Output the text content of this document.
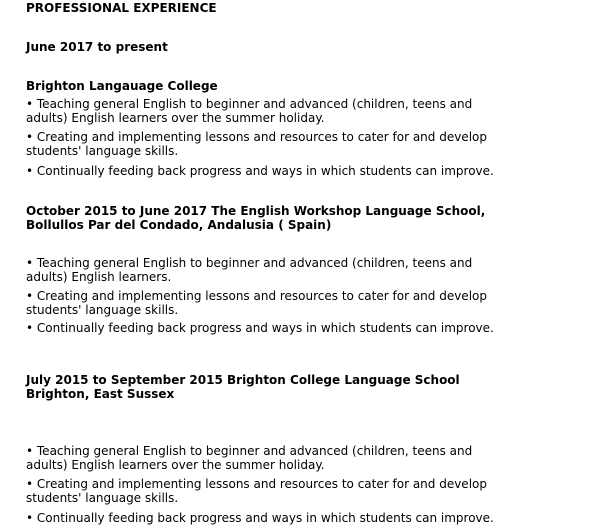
PROFESSIONAL EXPERIENCE
June 2017 to present
Brighton Langauage College
• Teaching general English to beginner and advanced (children, teens and adults) English learners over the summer holiday.
• Creating and implementing lessons and resources to cater for and develop students' language skills.
• Continually feeding back progress and ways in which students can improve.
October 2015 to June 2017 The English Workshop Language School, Bollullos Par del Condado, Andalusia ( Spain)
• Teaching general English to beginner and advanced (children, teens and adults) English learners.
• Creating and implementing lessons and resources to cater for and develop students' language skills.
• Continually feeding back progress and ways in which students can improve.
July 2015 to September 2015 Brighton College Language School Brighton, East Sussex
• Teaching general English to beginner and advanced (children, teens and adults) English learners over the summer holiday.
• Creating and implementing lessons and resources to cater for and develop students' language skills.
• Continually feeding back progress and ways in which students can improve.
